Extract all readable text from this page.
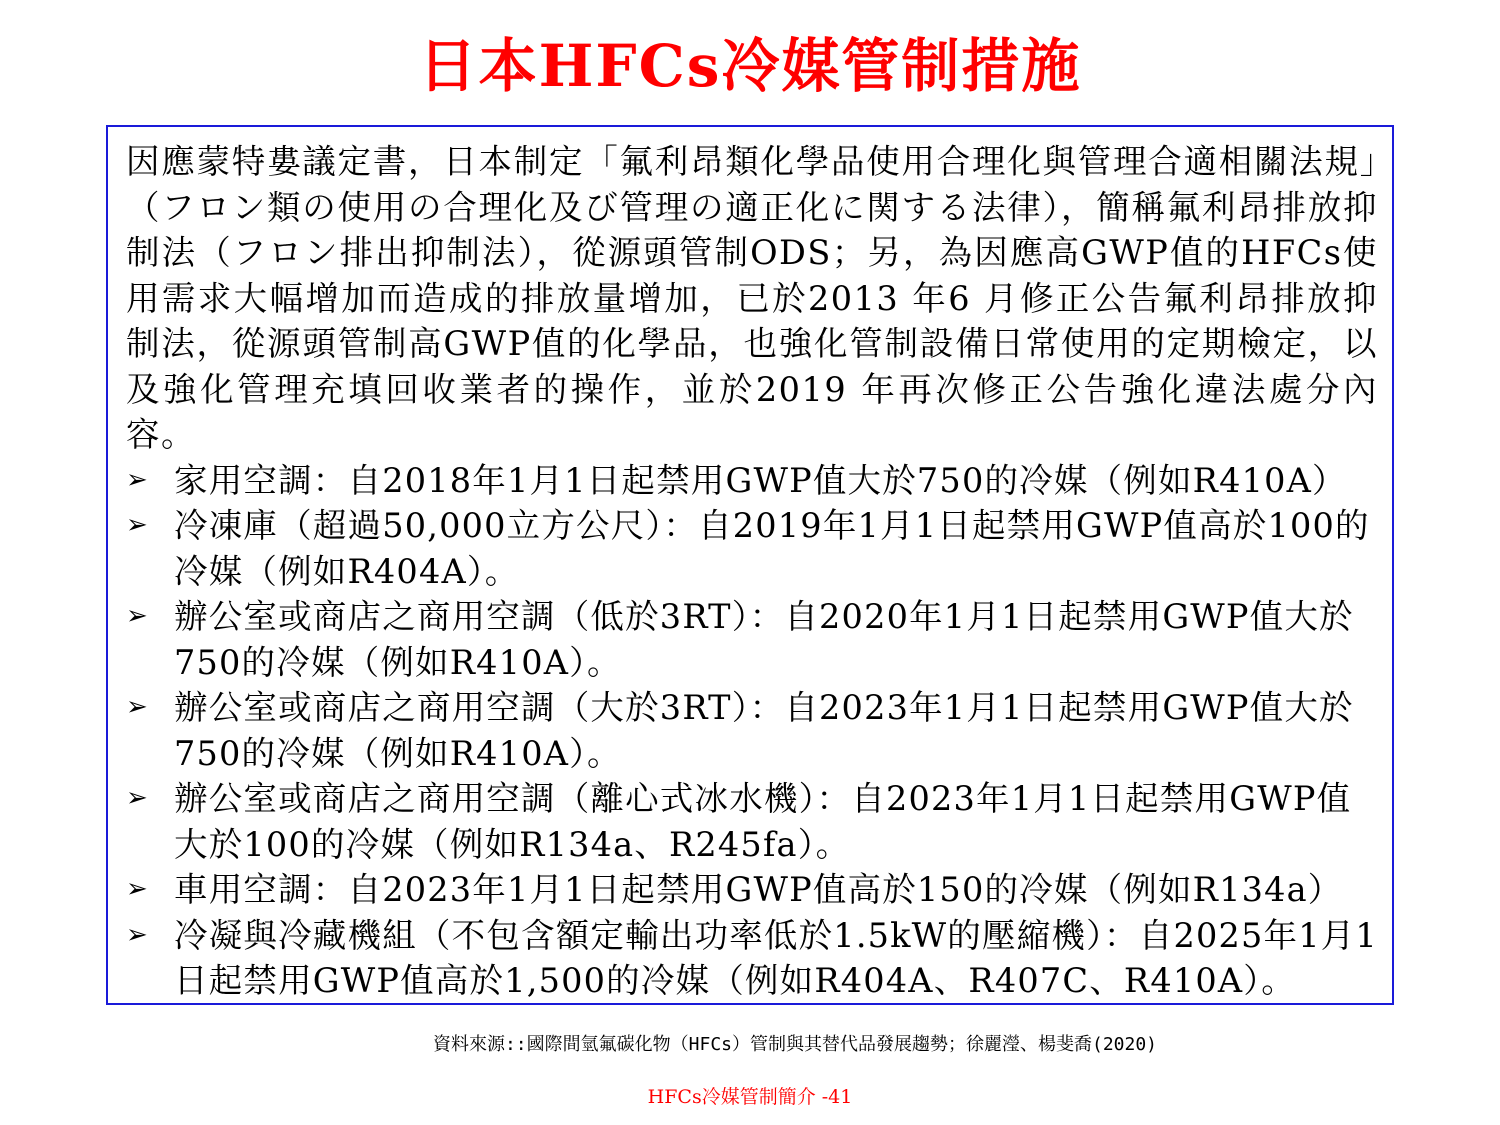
日本HFCs冷媒管制措施

因應蒙特婁議定書，日本制定「氟利昂類化學品使用合理化與管理合適相關法規」（フロン類の使用の合理化及び管理の適正化に関する法律），簡稱氟利昂排放抑制法（フロン排出抑制法），從源頭管制ODS；另，為因應高GWP值的HFCs使用需求大幅增加而造成的排放量增加，已於2013 年6 月修正公告氟利昂排放抑制法，從源頭管制高GWP值的化學品，也強化管制設備日常使用的定期檢定，以及強化管理充填回收業者的操作，並於2019 年再次修正公告強化違法處分內容。

➢ 家用空調：自2018年1月1日起禁用GWP值大於750的冷媒（例如R410A）
➢ 冷凍庫（超過50,000立方公尺）：自2019年1月1日起禁用GWP值高於100的冷媒（例如R404A）。
➢ 辦公室或商店之商用空調（低於3RT）：自2020年1月1日起禁用GWP值大於750的冷媒（例如R410A）。
➢ 辦公室或商店之商用空調（大於3RT）：自2023年1月1日起禁用GWP值大於750的冷媒（例如R410A）。
➢ 辦公室或商店之商用空調（離心式冰水機）：自2023年1月1日起禁用GWP值大於100的冷媒（例如R134a、R245fa）。
➢ 車用空調：自2023年1月1日起禁用GWP值高於150的冷媒（例如R134a）
➢ 冷凝與冷藏機組（不包含額定輸出功率低於1.5kW的壓縮機）：自2025年1月1日起禁用GWP值高於1,500的冷媒（例如R404A、R407C、R410A）。
資料來源::國際間氫氟碳化物（HFCs）管制與其替代品發展趨勢；徐麗瀅、楊斐喬(2020)
HFCs冷媒管制簡介 -41
